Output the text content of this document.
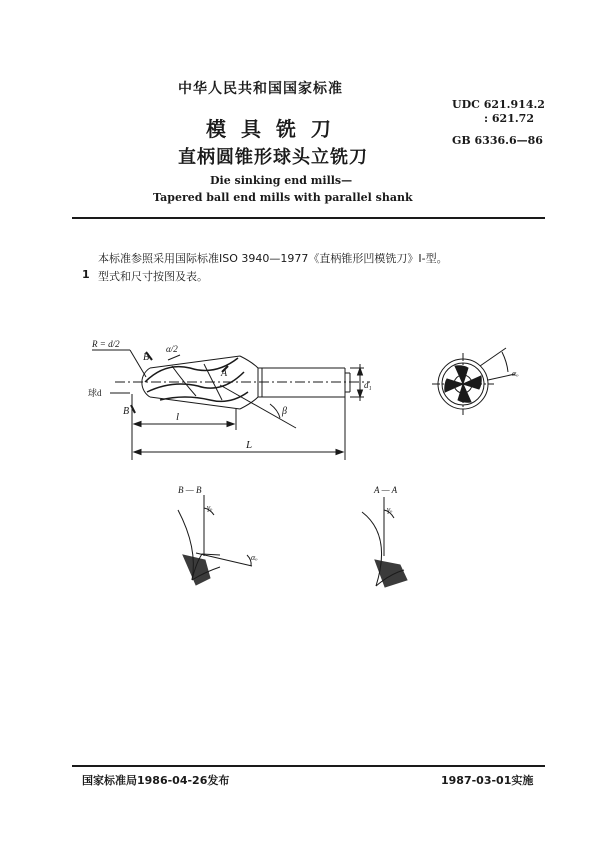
中华人民共和国国家标准
模 具 铣 刀
直柄圆锥形球头立铣刀
Die sinking end mills—
Tapered ball end mills with parallel shank
UDC 621.914.2
: 621.72
GB 6336.6—86
本标准参照采用国际标准ISO 3940—1977《直柄锥形凹模铣刀》I-型。
1 型式和尺寸按图及表。
R = d/2
球d
B
B
A
α/2
β
l
L
d₁
αₒ
B — B	A — A
γₒ	γₒ
αₒ
国家标准局1986-04-26发布	1987-03-01实施
